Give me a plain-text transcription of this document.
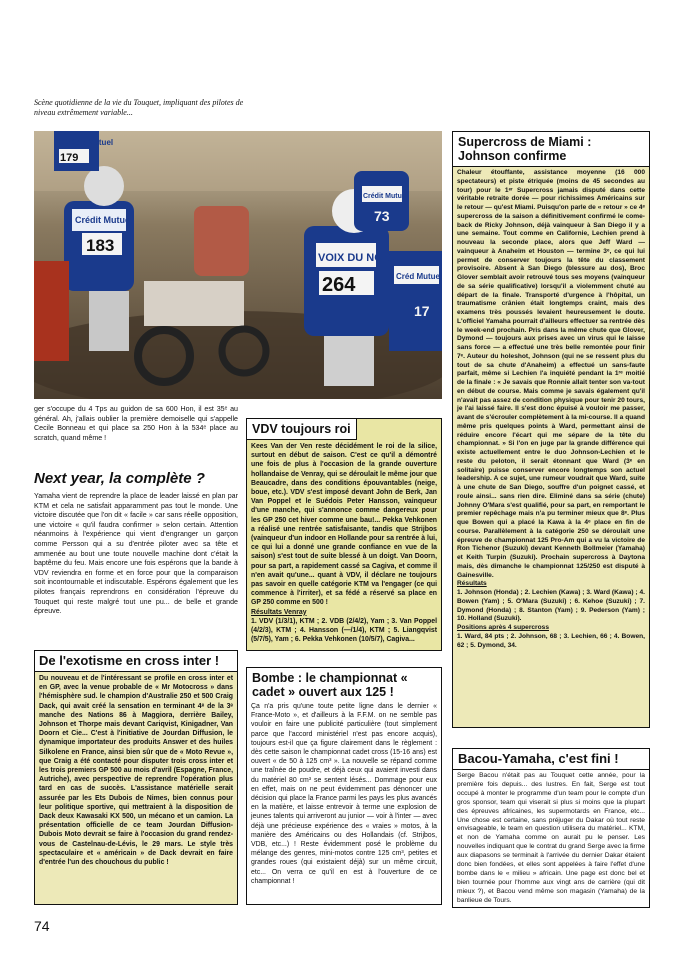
Scène quotidienne de la vie du Touquet, impliquant des pilotes de niveau extrêmement variable...
Crédit Mutuel
179
Crédit Mutuel
183
Crédit Mutuel
73
VOIX DU NORD
264	Créd Mutue
17

ger s'occupe du 4 Tps au guidon de sa 600 Hon, il est 35ᵉ au général. Ah, j'allais oublier la première demoiselle qui s'appelle Cecile Bonneau et qui place sa 250 Hon à la 534ᵉ place au scratch, quand même !

Next year, la complète ?

Yamaha vient de reprendre la place de leader laissé en plan par KTM et cela ne satisfait apparamment pas tout le monde. Une victoire discutée que l'on dit « facile » car sans réelle opposition, une victoire « qu'il faudra confirmer » selon certain. Attention néanmoins à l'expérience qui vient d'engranger un garçon comme Persson qui a su d'entrée piloter avec sa tête et ammenée au bout une toute nouvelle machine dont c'était la baptême du feu. Mais encore une fois espérons que la bande à VDV reviendra en forme et en force pour que la comparaison soit incontournable et indiscutable. Espérons également que les pilotes français reprendrons en considération l'épreuve du Touquet qui reste malgré tout une pu... de belle et grande épreuve.

De l'exotisme en cross inter !
Du nouveau et de l'intéressant se profile en cross inter et en GP, avec la venue probable de « Mr Motocross » dans l'hémisphère sud. le champion d'Australie 250 et 500 Craig Dack, qui avait créé la sensation en terminant 4ᵉ de la 3ᵉ manche des Nations 86 à Maggiora, derrière Bailey, Johnson et Thorpe mais devant Cariqvist, Kinigadner, Van Doorn et Cie... C'est à l'initiative de Jourdan Diffusion, le dynamique importateur des produits Answer et des huiles Silkolene en France, ainsi bien sûr que de « Moto Revue », que Craig a été contacté pour disputer trois cross inter et les trois premiers GP 500 au mois d'avril (Espagne, France, Autriche), avec perspective de reprendre l'opération plus tard en cas de succès. L'assistance matérielle serait assurée par les Ets Dubois de Nimes, bien connus pour leur politique sportive, qui mettraient à la disposition de Dack deux Kawasaki KX 500, un mécano et un camion. La présentation officielle de ce team Jourdan Diffusion-Dubois Moto devrait se faire à l'occasion du grand rendez-vous de Castelnau-de-Lévis, le 29 mars. Le style très spectaculaire et « américain » de Dack devrait en faire d'entrée l'un des chouchous du public !
VDV toujours roi
Kees Van der Ven reste décidément le roi de la silice, surtout en début de saison. C'est ce qu'il a démontré une fois de plus à l'occasion de la grande ouverture hollandaise de Venray, qui se déroulait le même jour que Beaucadre, dans des conditions épouvantables (neige, boue, etc.). VDV s'est imposé devant John de Berk, Jan Van Poppel et le Suédois Peter Hansson, vainqueur d'une manche, qui s'annonce comme dangereux pour les GP 250 cet hiver comme une bau!... Pekka Vehkonen a réalisé une rentrée satisfaisante, tandis que Strijbos (vainqueur d'un indoor en Hollande pour sa rentrée à lui, ce qui lui a donné une grande confiance en vue de la saison) s'est tout de suite blessé à un doigt. Van Doorn, pour sa part, a rapidement cassé sa Cagiva, et comme il n'en avait qu'une... quant à VDV, il déclare ne toujours pas savoir en quelle catégorie KTM va l'engager (ce qui commence à l'irriter), et sa fédé a réservé sa place en GP 250 comme en 500 !
Résultats Venray
1. VDV (1/3/1), KTM ; 2. VDB (2/4/2), Yam ; 3. Van Poppel (4/2/3), KTM ; 4. Hansson (—/1/4), KTM ; 5. Liangqvist (5/7/5), Yam ; 6. Pekka Vehkonen (10/5/7), Cagiva...
Bombe : le championnat « cadet » ouvert aux 125 !
Ça n'a pris qu'une toute petite ligne dans le dernier « France-Moto », et d'ailleurs à la F.F.M. on ne semble pas vouloir en faire une publicité particulière (tout simplement parce que l'accord ministériel n'est pas encore acquis), toujours est-il que ça figure clairement dans le règlement : dès cette saison le championnat cadet cross (15-16 ans) est ouvert « de 50 à 125 cm³ ». La nouvelle se répand comme une traînée de poudre, et déjà ceux qui avaient investi dans du matériel 80 cm³ se sentent lésés... Dommage pour eux en effet, mais on ne peut évidemment pas dénoncer une décision qui place la France parmi les pays les plus avancés en la matière, et laisse entrevoir à terme une explosion de jeunes talents qui arriveront au junior — voir à l'inter — avec déjà une précieuse expérience des « vraies » motos, à la manière des Américains ou des Hollandais (cf. Strijbos, VDB, etc...) ! Reste évidemment posé le problème du mélange des genres, mini-motos contre 125 cm³, petites et grandes roues (qui existaient déjà) sur un même circuit, etc... On verra ce qu'il en est à l'ouverture de ce championnat !
Supercross de Miami : Johnson confirme
Chaleur étouffante, assistance moyenne (16 000 spectateurs) et piste étriquée (moins de 45 secondes au tour) pour le 1ᵉʳ Supercross jamais disputé dans cette véritable retraite dorée — pour richissimes Américains sur le retour — qu'est Miami. Puisqu'on parle de « retour » ce 4ᵉ supercross de la saison a définitivement confirmé le come-back de Ricky Johnson, déjà vainqueur à San Diego il y a une semaine. Tout comme en Californie, Lechien prend à nouveau la seconde place, alors que Jeff Ward — vainqueur à Anaheim et Houston — termine 3ᵉ, ce qui lui permet de conserver toujours la tête du classement provisoire. Absent à San Diego (blessure au dos), Broc Glover semblait avoir retrouvé tous ses moyens (vainqueur de sa série qualificative) lorsqu'il a violemment chuté au départ de la finale. Transporté d'urgence à l'hôpital, un traumatisme crânien était longtemps craint, mais des examens très poussés levaient heureusement le doute. L'officiel Yamaha pourrait d'ailleurs effectuer sa rentrée dès le week-end prochain. Pris dans la même chute que Glover, Dymond — toujours aux prises avec un virus qui le laisse sans force — a effectué une très belle remontée pour finir 7ᵉ. Auteur du holeshot, Johnson (qui ne se ressent plus du tout de sa chute d'Anaheim) a effectué un sans-faute parfait, même si Lechien l'a inquiété pendant la 1ʳᵉ moitié de la finale : « Je savais que Ronnie allait tenter son va-tout en début de course. Mais comme je savais également qu'il n'avait pas assez de condition physique pour tenir 20 tours, je l'ai laissé faire. Il s'est donc épuisé à vouloir me passer, avant de s'écrouler complètement à la mi-course. Il a quand même pris quelques points à Ward, permettant ainsi de réduire encore l'écart qui me sépare de la tête du championnat. » Si l'on en juge par la grande différence qui existe actuellement entre le duo Johnson-Lechien et le reste du peloton, il serait étonnant que Ward (3ᵉ en solitaire) puisse conserver encore longtemps son actuel leadership. A ce sujet, une rumeur voudrait que Ward, suite à une chute de San Diego, souffre d'un poignet cassé, et roule ainsi... sans rien dire. Eliminé dans sa série (chute) Johnny O'Mara s'est qualifié, pour sa part, en remportant le premier repêchage mais n'a pu terminer mieux que 8ᵉ. Plus que Bowen qui a placé la Kawa à la 4ᵉ place en fin de course. Parallèlement à la catégorie 250 se déroulait une épreuve de championnat 125 Pro-Am qui a vu la victoire de Ron Tichenor (Suzuki) devant Kenneth Bollmeier (Yamaha) et Keith Turpin (Suzuki). Prochain supercross à Daytona mais, dès dimanche le championnat 125/250 est disputé à Gainesville.
Résultats
1. Johnson (Honda) ; 2. Lechien (Kawa) ; 3. Ward (Kawa) ; 4. Bowen (Yam) ; 5. O'Mara (Suzuki) ; 6. Kehoe (Suzuki) ; 7. Dymond (Honda) ; 8. Stanton (Yam) ; 9. Pederson (Yam) ; 10. Holland (Suzuki).
Positions après 4 supercross
1. Ward, 84 pts ; 2. Johnson, 68 ; 3. Lechien, 66 ; 4. Bowen, 62 ; 5. Dymond, 34.
Bacou-Yamaha, c'est fini !
Serge Bacou n'était pas au Touquet cette année, pour la première fois depuis... des lustres. En fait, Serge est tout occupé à monter le programme d'un team pour le compte d'un gros sponsor, team qui viserait si plus si moins que la plupart des épreuves africaines, les supermotards en France, etc... Une chose est certaine, sans préjuger du Dakar où tout reste envisageable, le team en question utilisera du matériel... KTM, et non de Yamaha comme on aurait pu le penser. Les nouvelles indiquant que le contrat du grand Serge avec la firme aux diapasons se terminait à l'arrivée du dernier Dakar étaient donc bien fondées, et elles sont appelées à faire l'effet d'une bombe dans le « milieu » africain. Une page est donc bel et bien tournée pour l'homme aux vingt ans de carrière (qui dit mieux ?), et Bacou vend même son magasin (Yamaha) de la banlieue de Tours.
74
